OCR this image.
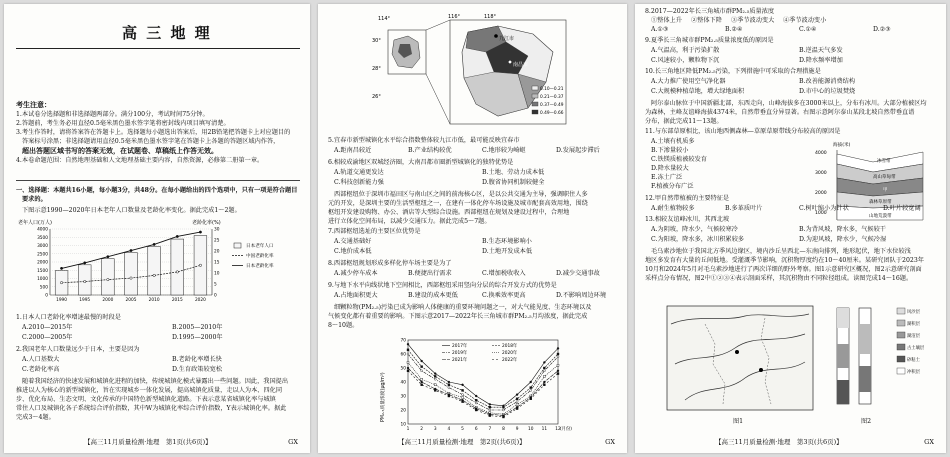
高 三 地 理
考生注意：
1.本试卷分选择题和非选择题两部分。满分100分，考试时间75分钟。
2.答题前，考生务必用直径0.5毫米黑色墨水签字笔将密封线内项目填写清楚。
3.考生作答时，请将答案答在答题卡上。选择题每小题选出答案后，用2B铅笔把答题卡上对应题目的
答案标号涂黑；非选择题请用直径0.5毫米黑色墨水签字笔在答题卡上各题的答题区域内作答，
超出答题区域书写的答案无效，在试题卷、草稿纸上作答无效。
4.本卷命题范围：自然地理基础和人文地理基础主要内容，自然资源，必修第二册第一章。
一、选择题：本题共16小题，每小题3分，共48分。在每小题给出的四个选项中，只有一项是符合题目
要求的。
下图示意1990—2020年日本老年人口数量及老龄化率变化。据此完成1～2题。
老年人口(万人)	老龄化率(%)
4000
3500
3000
2500
2000
1500
1000
500
0
30
25
20
15
10
5
0
1990	1995	2000	2005	2010	2015	2020
日本老年人口
中国老龄化率
日本老龄化率
1.日本人口老龄化率增速最慢的时段是
A.2010—2015年	B.2005—2010年
C.2000—2005年	D.1995—2000年
2.我国老年人口数量远少于日本，主要是因为
A.人口基数大	B.老龄化率增长快
C.老龄化率高	D.生育政策较宽松
随着我国经济的快速发展和城镇化进程的加快，传统城镇化模式暴露出一些问题。因此，我国提出
推进以人为核心的新型城镇化，旨在实现城乡一体化发展，提高城镇化质量，走以人为本、四化同
步、优化布局、生态文明、文化传承的中国特色新型城镇化道路。下表示意某省城镇化率与城镇
常住人口及城镇化各子系统综合评价指数，其中W为城镇化率综合评价指数，Y表示城镇化率。据此
完成3～4题。
【高三11月质量检测·地理　第1页(共6页)】	GX
114°	116°	118°
30°
28°
26°
九江市
南昌市
0.10—0.21
0.21—0.37
0.37—0.49
0.49—0.66
5.宜春市新型城镇化水平综合指数整体较九江市低，最可能反映宜春市
A.距南昌较近	B.产业结构较优	C.地形较为崎岖	D.发展起步滞后
6.相较成渝地区双城经济圈，大南昌都市圈新型城镇化的独特优势是
A.轨道交通更发达	B.土地、劳动力成本低
C.科技创新能力强	D.腹省协同机制较健全
西部枢纽位于深圳市福田区与南山区之间的前海核心区，是以公共交通为主导，强调职住人多
元的开发，是深圳主要的生活型枢纽之一，在建有一体化停车场设施及城市配套高效用地，围绕
枢纽开发建设购物、办公、酒店等大型综合设施。西部枢纽在规划及建设过程中，合理地
进行立体化空间布局，以减少交通压力。据此完成5～7题。
7.西部枢纽选址的主要区位优势是
A.交通基础好	B.生态环境影响小
C.地价成本低	D.土地开发成本低
8.西部枢纽规划形成多样化停车场主要是为了
A.减少停车成本	B.便捷出行需求	C.增加税收收入	D.减少交通事故
9.与地下水平向线状地下空间相比，西部枢纽采用竖向分层的综合开发方式的优势是
A.占地面积更大	B.建设的成本更低	C.换乘效率更高	D.不影响周边环境
细颗粒物(PM₂.₅)污染已成为影响人体健康的重要环境问题之一，对大气能见度、生态环境以及
气候变化都有着重要的影响。下图示意2017—2022年长三角城市群PM₂.₅月均浓度，据此完成
8～10题。
PM₂.₅质量浓度(μg/m³)
70
60
50
40
30
20
10
1	2	3	4	5	6	7	8	9 10 11 12 (月份)
2017年	2018年
2019年	2020年
2021年	2022年
【高三11月质量检测·地理　第2页(共6页)】	GX
8.2017—2022年长三角城市群PM₂.₅质量浓度
①整体上升 ②整体下降 ③季节波动变大 ④季节波动变小
A.①③	B.②④	C.①④	D.②③
9.夏季长三角城市群PM₂.₅质量浓度低的原因是
A.气温高，利于污染扩散	B.逆温天气多发
C.风速较小，颗粒物下沉	D.降水频率增加
10.长三角地区降低PM₂.₅污染，下列措施中可采取的合理措施是
A.大力推广使用空气净化器	B.改善能源消费结构
C.大规模种植草地，增大绿地面积	D.市中心的垃圾焚烧
阿尔泰山脉位于中国新疆北部，东西走向，山峰海拔多在3000米以上，分布有冰川。大部分植被区均
为森林，主峰友谊峰海拔4374米，自然带垂直分异显著。右图示意阿尔泰山某段北坡自然带垂直谱
分布，据此完成11～13题。
11.与东部草原相比，该山地西侧森林—草原草原带线分布较高的原因是
A.土壤有机质多
B.下渗量较小
C.铁镁质植被较发育
D.降水量较大
E.冻土广泛
F.植被分布广泛
海拔(米)
4000
3000
2000
1000
冰雪带
高山草甸带
甲
森林草原带
山地荒漠带
12.甲自然带植被的主要特征是
A.耐生植物较多	B.多革质叶片	C.树叶缩小为针状	D.叶片较宽阔
13.相较友谊峰冰川，其西北坡
A.为阴坡，降水少，气候较寒冷	B.为背风坡，降水多，气候较干
C.为阳坡，降水多，冰川积累较多	D.为迎风坡，降水少，气候冷湿
毛乌素沙地位于我国北方季风边缘区，境内沙丘呈西北—东南向排列，地形起伏，地下水位较浅
地区多发育有大量的丘间低地。受灌溉季节影响，沉积物厚度约在10～40厘米。某研究团队于2023年
10月和2024年5月对毛乌素沙地进行了两次详细的野外考察。图1示意研究区概况，图2示意研究剖面
采样点分布情况，图2中①②③④表示剖面采样，其沉积物由不同粒径组成。读图完成14～16题。
图1
风沙层
湖积层
湖沼层
古土壤层
砂粘土
冲积层
图2
【高三11月质量检测·地理　第3页(共6页)】	GX
